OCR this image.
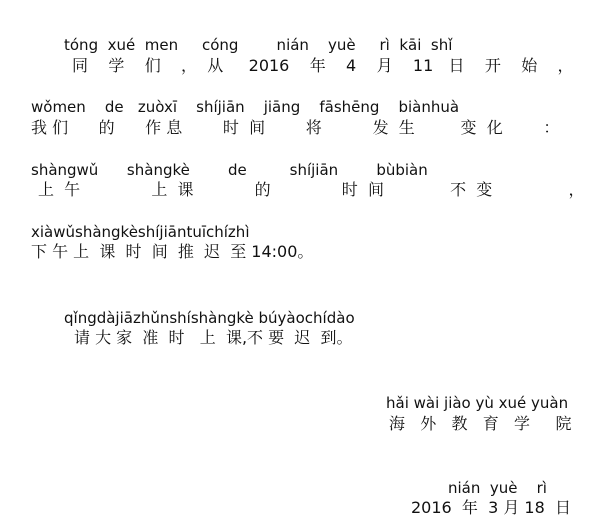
tóng  xué  men     cóng        nián    yuè     rì  kāi  shǐ
同    学    们    ，  从     2016    年    4    月    11   日    开    始    ，
wǒmen    de   zuòxī    shíjiān    jiāng    fāshēng    biànhuà
我 们      的      作 息        时  间        将          发  生         变  化        ：
shàngwǔ      shàngkè        de         shíjiān        bùbiàn
上  午              上  课            的              时  间             不  变               ，
xiàwǔshàngkèshíjiāntuīchízhì
下 午 上  课  时  间  推  迟  至 14:00。
qǐngdàjiāzhǔnshíshàngkè búyàochídào
请 大 家  准  时   上  课,不 要  迟  到。
hǎi wài jiào yù xué yuàn
海   外   教   育   学     院
nián  yuè    rì
2016  年  3 月 18  日
